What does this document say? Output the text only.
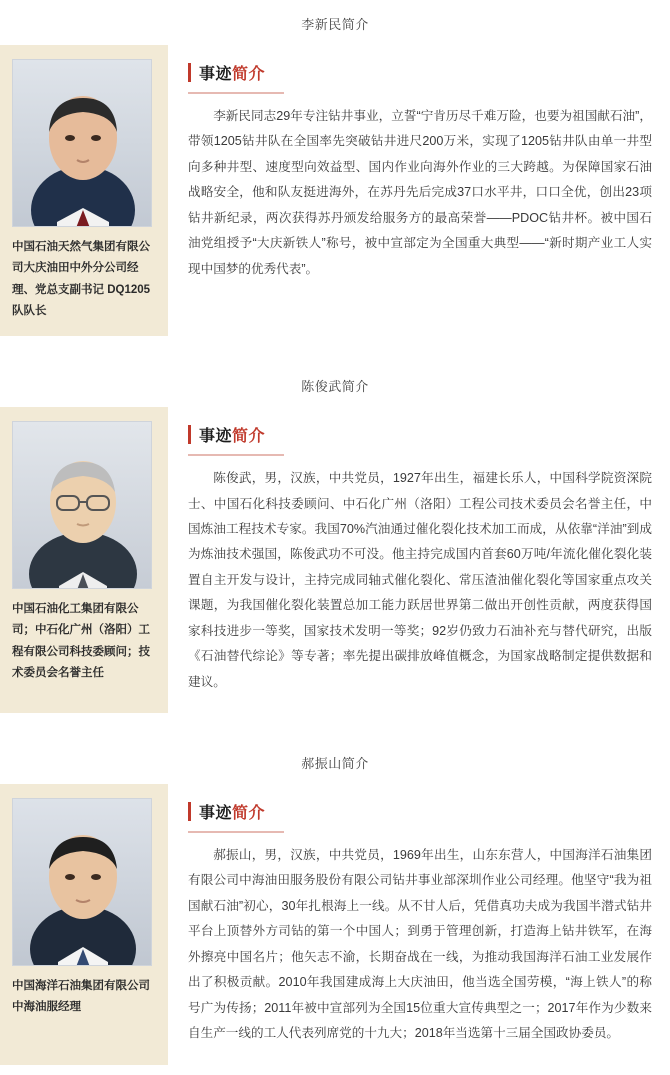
李新民简介
中国石油天然气集团有限公司大庆油田中外分公司经理、党总支副书记 DQ1205队队长
事迹 简介
李新民同志29年专注钻井事业，立誓“宁肯历尽千难万险，也要为祖国献石油”，带领1205钻井队在全国率先突破钻井进尺200万米，实现了1205钻井队由单一井型向多种井型、速度型向效益型、国内作业向海外作业的三大跨越。为保障国家石油战略安全，他和队友挺进海外，在苏丹先后完成37口水平井，口口全优，创出23项钻井新纪录，两次获得苏丹颁发给服务方的最高荣誉——PDOC钻井杯。被中国石油党组授予“大庆新铁人”称号，被中宣部定为全国重大典型——“新时期产业工人实现中国梦的优秀代表”。
陈俊武简介
中国石油化工集团有限公司；中石化广州（洛阳）工程有限公司科技委顾问；技术委员会名誉主任
事迹 简介
陈俊武，男，汉族，中共党员，1927年出生，福建长乐人，中国科学院资深院士、中国石化科技委顾问、中石化广州（洛阳）工程公司技术委员会名誉主任，中国炼油工程技术专家。我国70%汽油通过催化裂化技术加工而成，从依靠“洋油”到成为炼油技术强国，陈俊武功不可没。他主持完成国内首套60万吨/年流化催化裂化装置自主开发与设计，主持完成同轴式催化裂化、常压渣油催化裂化等国家重点攻关课题，为我国催化裂化装置总加工能力跃居世界第二做出开创性贡献，两度获得国家科技进步一等奖，国家技术发明一等奖；92岁仍致力石油补充与替代研究，出版《石油替代综论》等专著；率先提出碳排放峰值概念，为国家战略制定提供数据和建议。
郝振山简介
中国海洋石油集团有限公司中海油服经理
事迹 简介
郝振山，男，汉族，中共党员，1969年出生，山东东营人，中国海洋石油集团有限公司中海油田服务股份有限公司钻井事业部深圳作业公司经理。他坚守“我为祖国献石油”初心，30年扎根海上一线。从不甘人后，凭借真功夫成为我国半潜式钻井平台上顶替外方司钻的第一个中国人；到勇于管理创新，打造海上钻井铁军，在海外擦亮中国名片；他矢志不渝，长期奋战在一线，为推动我国海洋石油工业发展作出了积极贡献。2010年我国建成海上大庆油田，他当选全国劳模，“海上铁人”的称号广为传扬；2011年被中宣部列为全国15位重大宣传典型之一；2017年作为少数来自生产一线的工人代表列席党的十九大；2018年当选第十三届全国政协委员。
